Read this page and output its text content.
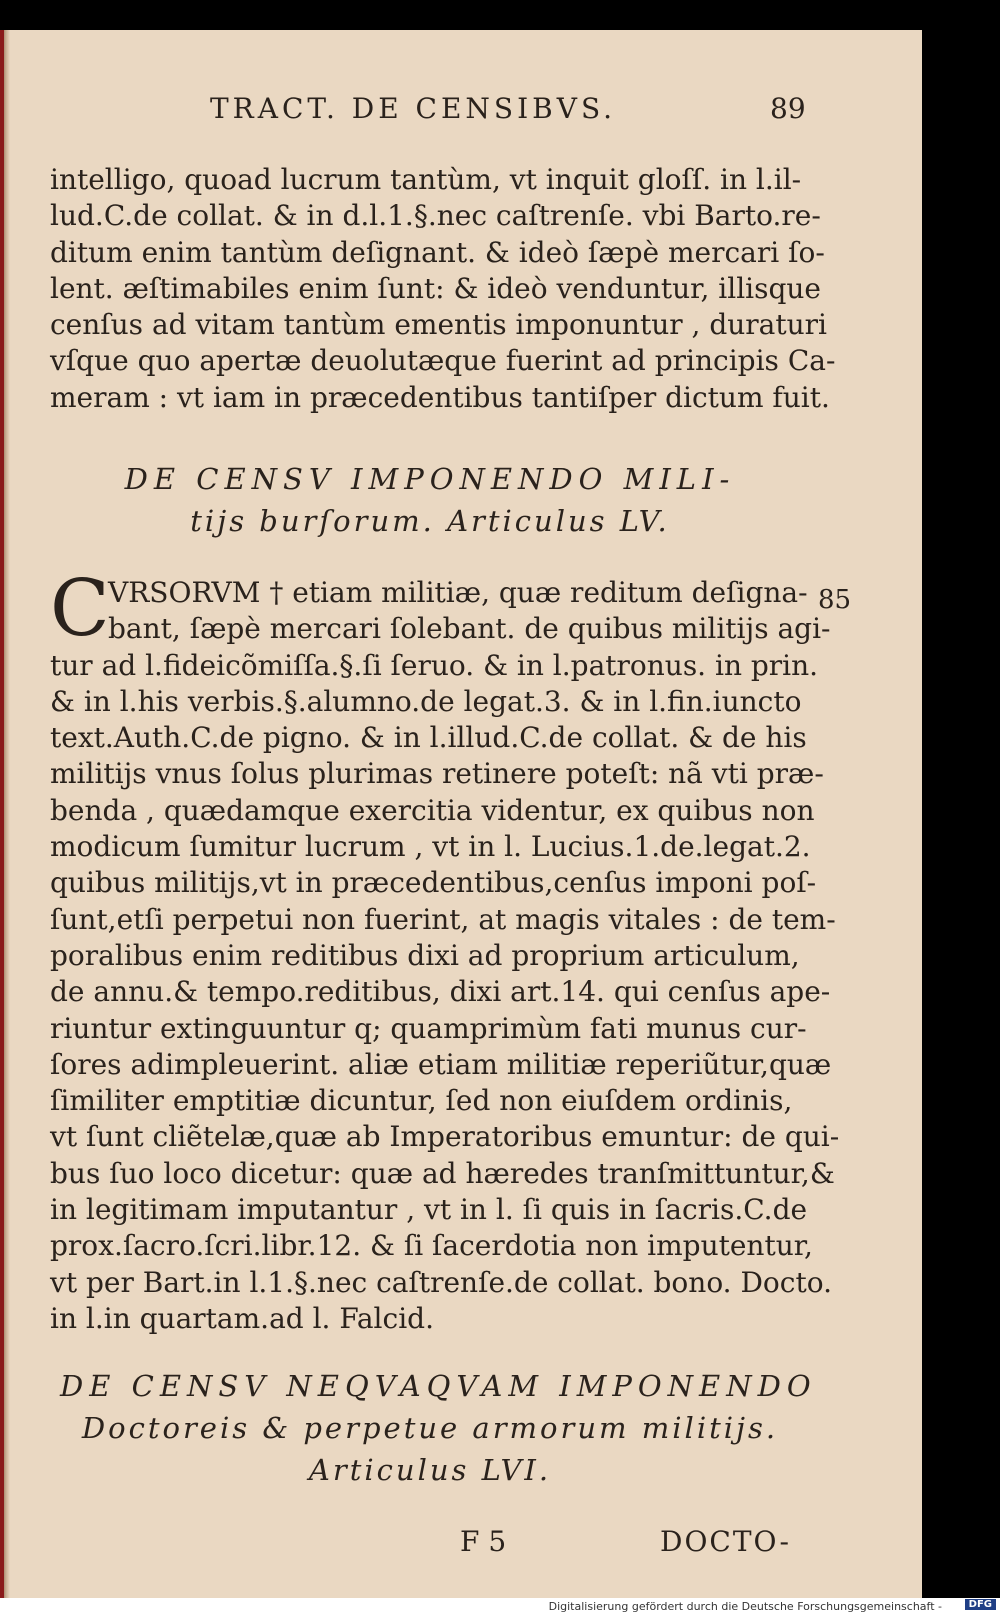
TRACT. DE CENSIBVS.	89
intelligo, quoad lucrum tantùm, vt inquit gloſſ. in l.il-
lud.C.de collat. & in d.l.1.§.nec caſtrenſe. vbi Barto.re-
ditum enim tantùm deſignant. & ideò ſæpè mercari ſo-
lent. æſtimabiles enim ſunt: & ideò venduntur, illisque
cenſus ad vitam tantùm ementis imponuntur , duraturi
vſque quo apertæ deuolutæque fuerint ad principis Ca-
meram : vt iam in præcedentibus tantiſper dictum fuit.
DE CENSV IMPONENDO MILI-
tijs burſorum. Articulus LV.
C	85
VRSORVM † etiam militiæ, quæ reditum deſigna-
bant, ſæpè mercari ſolebant. de quibus militijs agi-
tur ad l.fideicõmiſſa.§.ſi ſeruo. & in l.patronus. in prin.
& in l.his verbis.§.alumno.de legat.3. & in l.fin.iuncto
text.Auth.C.de pigno. & in l.illud.C.de collat. & de his
militijs vnus ſolus plurimas retinere poteſt: nã vti præ-
benda , quædamque exercitia videntur, ex quibus non
modicum ſumitur lucrum , vt in l. Lucius.1.de.legat.2.
quibus militijs,vt in præcedentibus,cenſus imponi poſ-
ſunt,etſi perpetui non fuerint, at magis vitales : de tem-
poralibus enim reditibus dixi ad proprium articulum,
de annu.& tempo.reditibus, dixi art.14. qui cenſus ape-
riuntur extinguuntur q; quamprimùm fati munus cur-
ſores adimpleuerint. aliæ etiam militiæ reperiũtur,quæ
ſimiliter emptitiæ dicuntur, ſed non eiuſdem ordinis,
vt ſunt cliẽtelæ,quæ ab Imperatoribus emuntur: de qui-
bus ſuo loco dicetur: quæ ad hæredes tranſmittuntur,&
in legitimam imputantur , vt in l. ſi quis in ſacris.C.de
prox.ſacro.ſcri.libr.12. & ſi ſacerdotia non imputentur,
vt per Bart.in l.1.§.nec caſtrenſe.de collat. bono. Docto.
in l.in quartam.ad l. Falcid.
DE CENSV NEQVAQVAM IMPONENDO
Doctoreis & perpetue armorum militijs.
Articulus LVI.
F 5	DOCTO-
Digitalisierung gefördert durch die Deutsche Forschungsgemeinschaft -	DFG
